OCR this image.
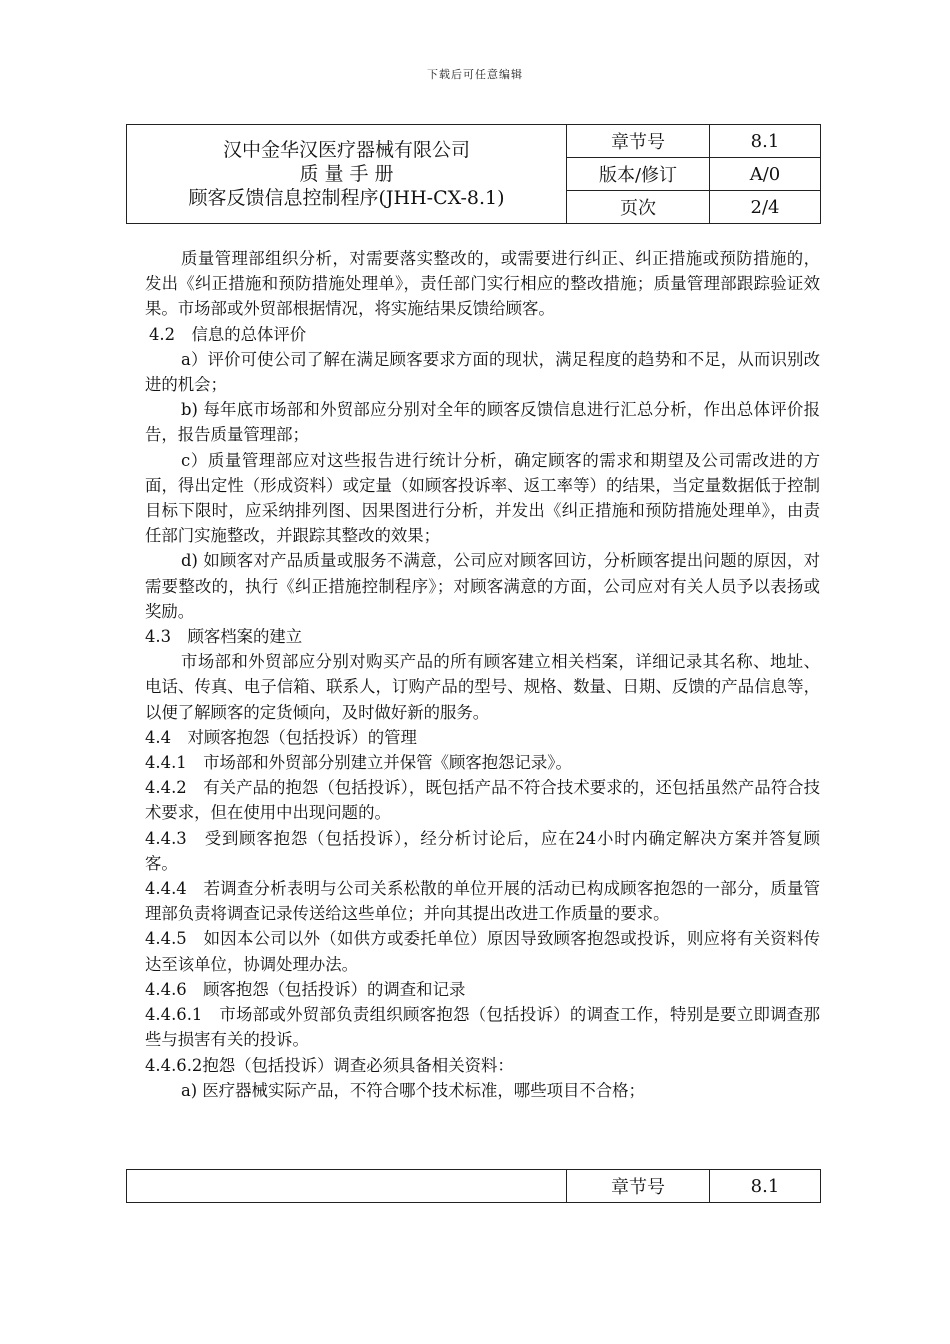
下载后可任意编辑
汉中金华汉医疗器械有限公司
质 量 手 册
顾客反馈信息控制程序(JHH-CX-8.1)	章节号	8.1
	版本/修订	A/0
	页次	2/4

质量管理部组织分析，对需要落实整改的，或需要进行纠正、纠正措施或预防措施的，发出《纠正措施和预防措施处理单》，责任部门实行相应的整改措施；质量管理部跟踪验证效果。市场部或外贸部根据情况，将实施结果反馈给顾客。

4.2　信息的总体评价

a）评价可使公司了解在满足顾客要求方面的现状，满足程度的趋势和不足，从而识别改进的机会；

b) 每年底市场部和外贸部应分别对全年的顾客反馈信息进行汇总分析，作出总体评价报告，报告质量管理部；

c）质量管理部应对这些报告进行统计分析，确定顾客的需求和期望及公司需改进的方面，得出定性（形成资料）或定量（如顾客投诉率、返工率等）的结果，当定量数据低于控制目标下限时，应采纳排列图、因果图进行分析，并发出《纠正措施和预防措施处理单》，由责任部门实施整改，并跟踪其整改的效果；

d) 如顾客对产品质量或服务不满意，公司应对顾客回访，分析顾客提出问题的原因，对需要整改的，执行《纠正措施控制程序》；对顾客满意的方面，公司应对有关人员予以表扬或奖励。

4.3　顾客档案的建立

市场部和外贸部应分别对购买产品的所有顾客建立相关档案，详细记录其名称、地址、电话、传真、电子信箱、联系人，订购产品的型号、规格、数量、日期、反馈的产品信息等，以便了解顾客的定货倾向，及时做好新的服务。

4.4　对顾客抱怨（包括投诉）的管理

4.4.1　市场部和外贸部分别建立并保管《顾客抱怨记录》。

4.4.2　有关产品的抱怨（包括投诉），既包括产品不符合技术要求的，还包括虽然产品符合技术要求，但在使用中出现问题的。

4.4.3　受到顾客抱怨（包括投诉），经分析讨论后，应在24小时内确定解决方案并答复顾客。

4.4.4　若调查分析表明与公司关系松散的单位开展的活动已构成顾客抱怨的一部分，质量管理部负责将调查记录传送给这些单位；并向其提出改进工作质量的要求。

4.4.5　如因本公司以外（如供方或委托单位）原因导致顾客抱怨或投诉，则应将有关资料传达至该单位，协调处理办法。

4.4.6　顾客抱怨（包括投诉）的调查和记录

4.4.6.1　市场部或外贸部负责组织顾客抱怨（包括投诉）的调查工作，特别是要立即调查那些与损害有关的投诉。

4.4.6.2抱怨（包括投诉）调查必须具备相关资料：

a) 医疗器械实际产品，不符合哪个技术标准，哪些项目不合格；

	章节号	8.1
